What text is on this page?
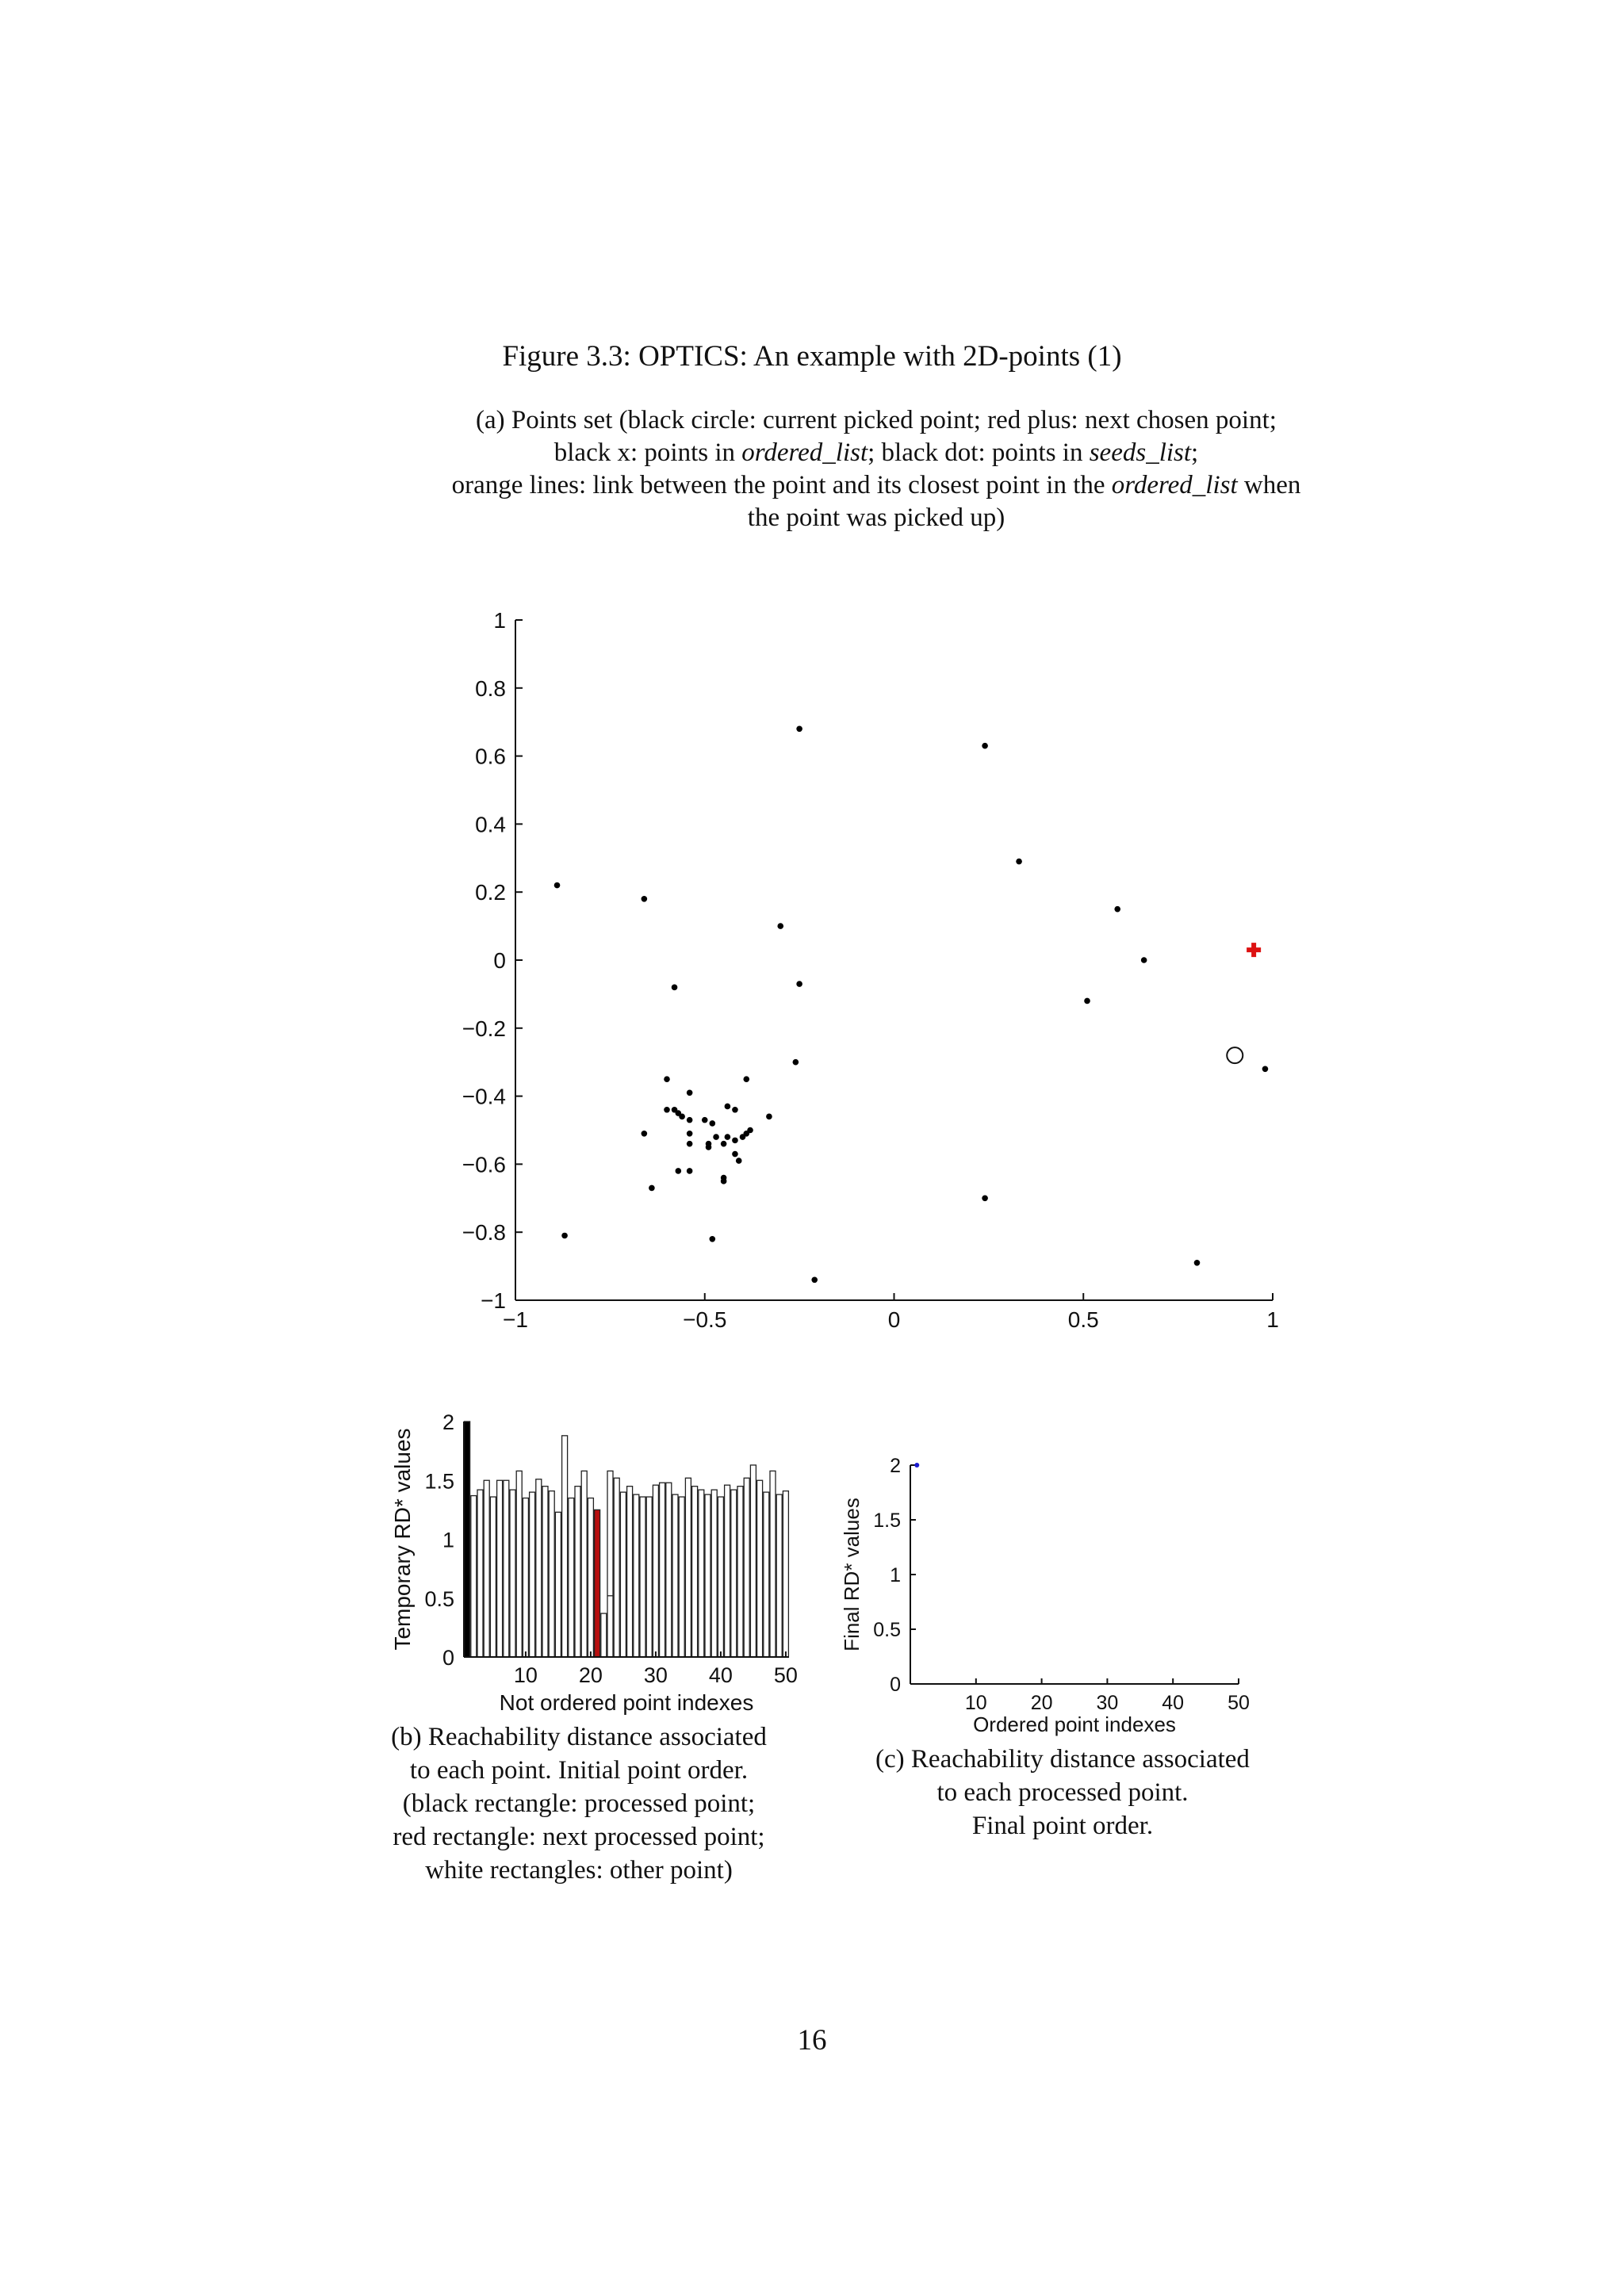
Figure 3.3: OPTICS: An example with 2D-points (1)
(a) Points set (black circle: current picked point; red plus: next chosen point;
black x: points in ordered_list; black dot: points in seeds_list;
orange lines: link between the point and its closest point in the ordered_list when
the point was picked up)
−1
−0.8
−0.6
−0.4
−0.2
0
0.2
0.4
0.6
0.8
1
−1	−0.5	0	0.5	1
0
0.5
1
1.5
2
10 20 30 40 50
Not ordered point indexes
Temporary RD* values
0
0.5
1
1.5
2
10 20 30 40 50
Ordered point indexes
Final RD* values
(b) Reachability distance associated
to each point. Initial point order.
(black rectangle: processed point;
red rectangle: next processed point;
white rectangles: other point)
(c) Reachability distance associated
to each processed point.
Final point order.
16
